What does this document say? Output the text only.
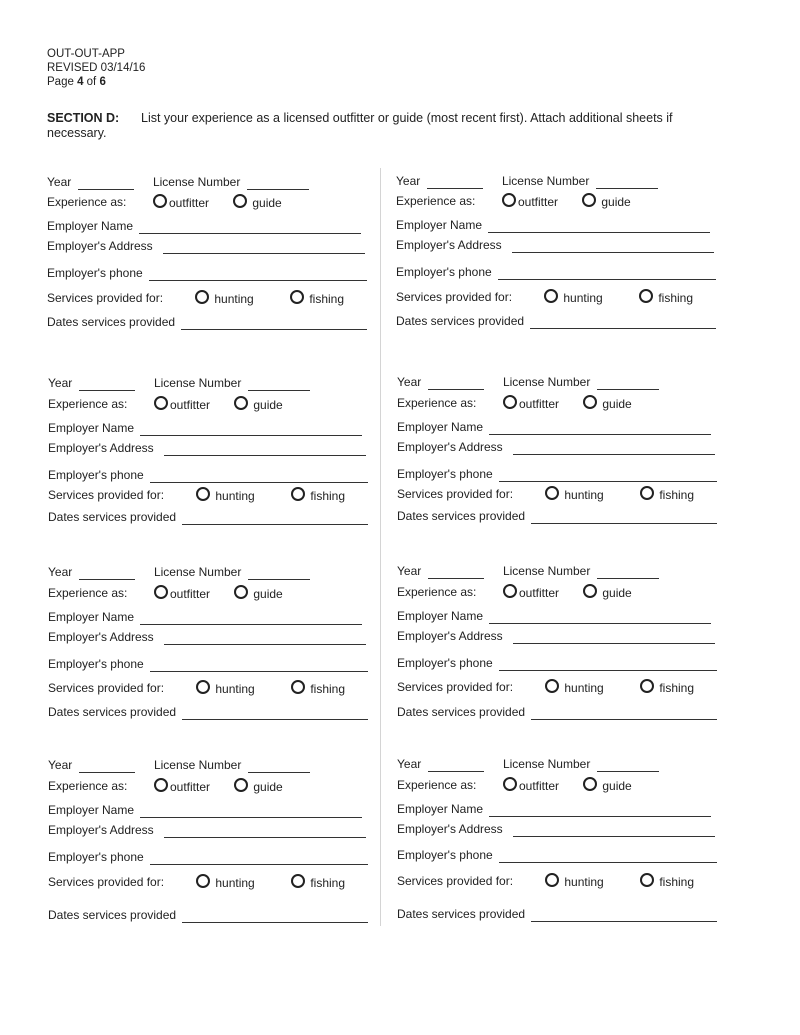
OUT-OUT-APP
REVISED 03/14/16
Page 4 of 6
SECTION D: List your experience as a licensed outfitter or guide (most recent first). Attach additional sheets if necessary.
Year	License Number
Experience as:	outfitter	guide
Employer Name
Employer's Address
Employer's phone
Services provided for:	hunting	fishing
Dates services provided
Year	License Number
Experience as:	outfitter	guide
Employer Name
Employer's Address
Employer's phone
Services provided for:	hunting	fishing
Dates services provided
Year	License Number
Experience as:	outfitter	guide
Employer Name
Employer's Address
Employer's phone
Services provided for:	hunting	fishing
Dates services provided
Year	License Number
Experience as:	outfitter	guide
Employer Name
Employer's Address
Employer's phone
Services provided for:	hunting	fishing
Dates services provided
Year	License Number
Experience as:	outfitter	guide
Employer Name
Employer's Address
Employer's phone
Services provided for:	hunting	fishing
Dates services provided
Year	License Number
Experience as:	outfitter	guide
Employer Name
Employer's Address
Employer's phone
Services provided for:	hunting	fishing
Dates services provided
Year	License Number
Experience as:	outfitter	guide
Employer Name
Employer's Address
Employer's phone
Services provided for:	hunting	fishing
Dates services provided
Year	License Number
Experience as:	outfitter	guide
Employer Name
Employer's Address
Employer's phone
Services provided for:	hunting	fishing
Dates services provided
